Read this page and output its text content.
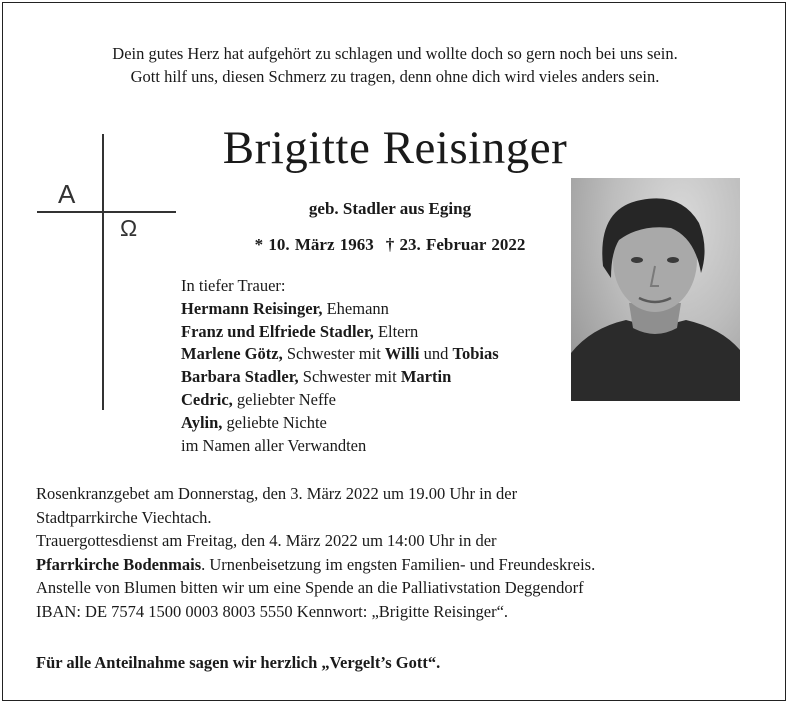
Dein gutes Herz hat aufgehört zu schlagen und wollte doch so gern noch bei uns sein.
Gott hilf uns, diesen Schmerz zu tragen, denn ohne dich wird vieles anders sein.
Brigitte Reisinger
A
Ω
geb. Stadler aus Eging
* 10. März 1963 † 23. Februar 2022
In tiefer Trauer:
Hermann Reisinger, Ehemann
Franz und Elfriede Stadler, Eltern
Marlene Götz, Schwester mit Willi und Tobias
Barbara Stadler, Schwester mit Martin
Cedric, geliebter Neffe
Aylin, geliebte Nichte
im Namen aller Verwandten
Rosenkranzgebet am Donnerstag, den 3. März 2022 um 19.00 Uhr in der
Stadtparrkirche Viechtach.
Trauergottesdienst am Freitag, den 4. März 2022 um 14:00 Uhr in der
Pfarrkirche Bodenmais. Urnenbeisetzung im engsten Familien- und Freundeskreis.
Anstelle von Blumen bitten wir um eine Spende an die Palliativstation Deggendorf
IBAN: DE 7574 1500 0003 8003 5550 Kennwort: „Brigitte Reisinger“.
Für alle Anteilnahme sagen wir herzlich „Vergelt’s Gott“.
